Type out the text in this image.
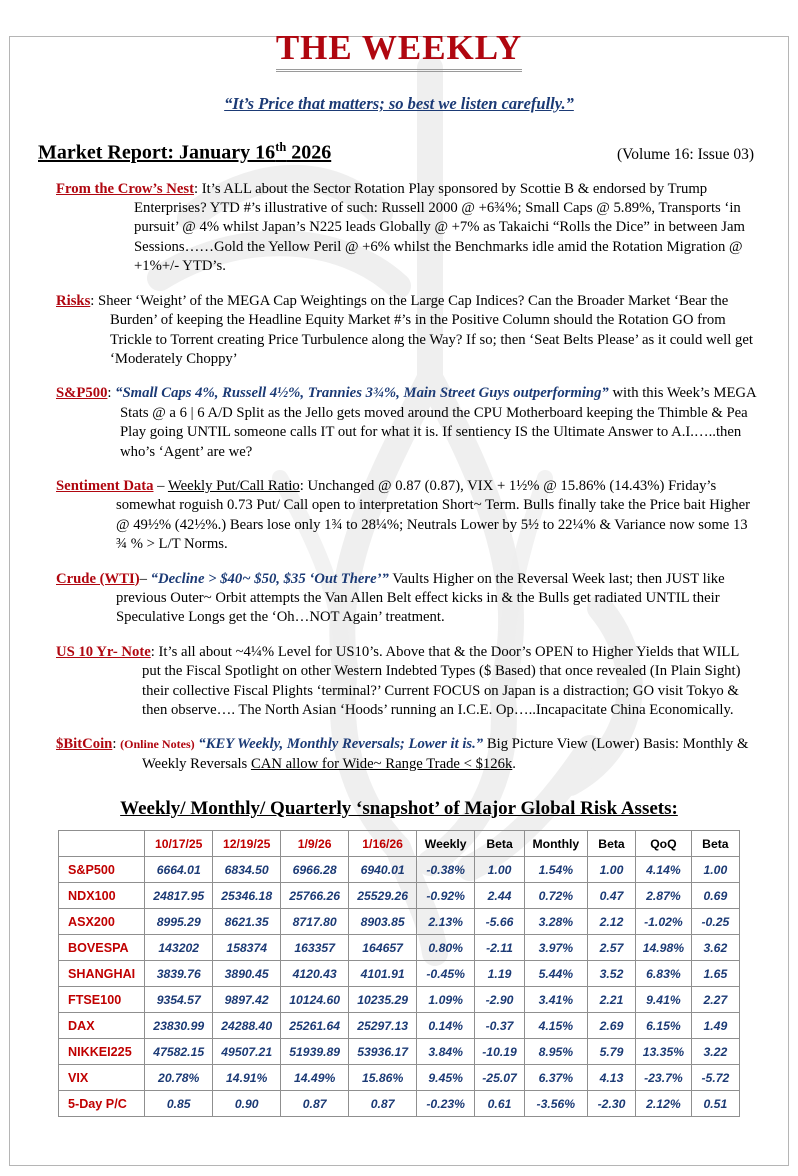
THE WEEKLY
“It’s Price that matters; so best we listen carefully.”
Market Report: January 16th 2026	(Volume 16: Issue 03)

From the Crow’s Nest: It’s ALL about the Sector Rotation Play sponsored by Scottie B & endorsed by Trump Enterprises? YTD #’s illustrative of such: Russell 2000 @ +6¾%; Small Caps @ 5.89%, Transports ‘in pursuit’ @ 4% whilst Japan’s N225 leads Globally @ +7% as Takaichi “Rolls the Dice” in between Jam Sessions……Gold the Yellow Peril @ +6% whilst the Benchmarks idle amid the Rotation Migration @ +1%+/- YTD’s.

Risks: Sheer ‘Weight’ of the MEGA Cap Weightings on the Large Cap Indices? Can the Broader Market ‘Bear the Burden’ of keeping the Headline Equity Market #’s in the Positive Column should the Rotation GO from Trickle to Torrent creating Price Turbulence along the Way? If so; then ‘Seat Belts Please’ as it could well get ‘Moderately Choppy’

S&P500: “Small Caps 4%, Russell 4½%, Trannies 3¾%, Main Street Guys outperforming” with this Week’s MEGA Stats @ a 6 | 6 A/D Split as the Jello gets moved around the CPU Motherboard keeping the Thimble & Pea Play going UNTIL someone calls IT out for what it is. If sentiency IS the Ultimate Answer to A.I.…..then who’s ‘Agent’ are we?

Sentiment Data – Weekly Put/Call Ratio: Unchanged @ 0.87 (0.87), VIX + 1½% @ 15.86% (14.43%) Friday’s somewhat roguish 0.73 Put/ Call open to interpretation Short~ Term. Bulls finally take the Price bait Higher @ 49½% (42½%.) Bears lose only 1¾ to 28¼%; Neutrals Lower by 5½ to 22¼% & Variance now some 13 ¾ % > L/T Norms.

Crude (WTI)– “Decline > $40~ $50, $35 ‘Out There’” Vaults Higher on the Reversal Week last; then JUST like previous Outer~ Orbit attempts the Van Allen Belt effect kicks in & the Bulls get radiated UNTIL their Speculative Longs get the ‘Oh…NOT Again’ treatment.

US 10 Yr- Note: It’s all about ~4¼% Level for US10’s. Above that & the Door’s OPEN to Higher Yields that WILL put the Fiscal Spotlight on other Western Indebted Types ($ Based) that once revealed (In Plain Sight) their collective Fiscal Plights ‘terminal?’ Current FOCUS on Japan is a distraction; GO visit Tokyo & then observe…. The North Asian ‘Hoods’ running an I.C.E. Op…..Incapacitate China Economically.

$BitCoin: (Online Notes) “KEY Weekly, Monthly Reversals; Lower it is.” Big Picture View (Lower) Basis: Monthly & Weekly Reversals CAN allow for Wide~ Range Trade < $126k.

Weekly/ Monthly/ Quarterly ‘snapshot’ of Major Global Risk Assets:
	10/17/25	12/19/25	1/9/26	1/16/26	Weekly	Beta	Monthly	Beta	QoQ	Beta
S&P500	6664.01	6834.50	6966.28	6940.01	-0.38%	1.00	1.54%	1.00	4.14%	1.00
NDX100	24817.95	25346.18	25766.26	25529.26	-0.92%	2.44	0.72%	0.47	2.87%	0.69
ASX200	8995.29	8621.35	8717.80	8903.85	2.13%	-5.66	3.28%	2.12	-1.02%	-0.25
BOVESPA	143202	158374	163357	164657	0.80%	-2.11	3.97%	2.57	14.98%	3.62
SHANGHAI	3839.76	3890.45	4120.43	4101.91	-0.45%	1.19	5.44%	3.52	6.83%	1.65
FTSE100	9354.57	9897.42	10124.60	10235.29	1.09%	-2.90	3.41%	2.21	9.41%	2.27
DAX	23830.99	24288.40	25261.64	25297.13	0.14%	-0.37	4.15%	2.69	6.15%	1.49
NIKKEI225	47582.15	49507.21	51939.89	53936.17	3.84%	-10.19	8.95%	5.79	13.35%	3.22
VIX	20.78%	14.91%	14.49%	15.86%	9.45%	-25.07	6.37%	4.13	-23.7%	-5.72
5-Day P/C	0.85	0.90	0.87	0.87	-0.23%	0.61	-3.56%	-2.30	2.12%	0.51
